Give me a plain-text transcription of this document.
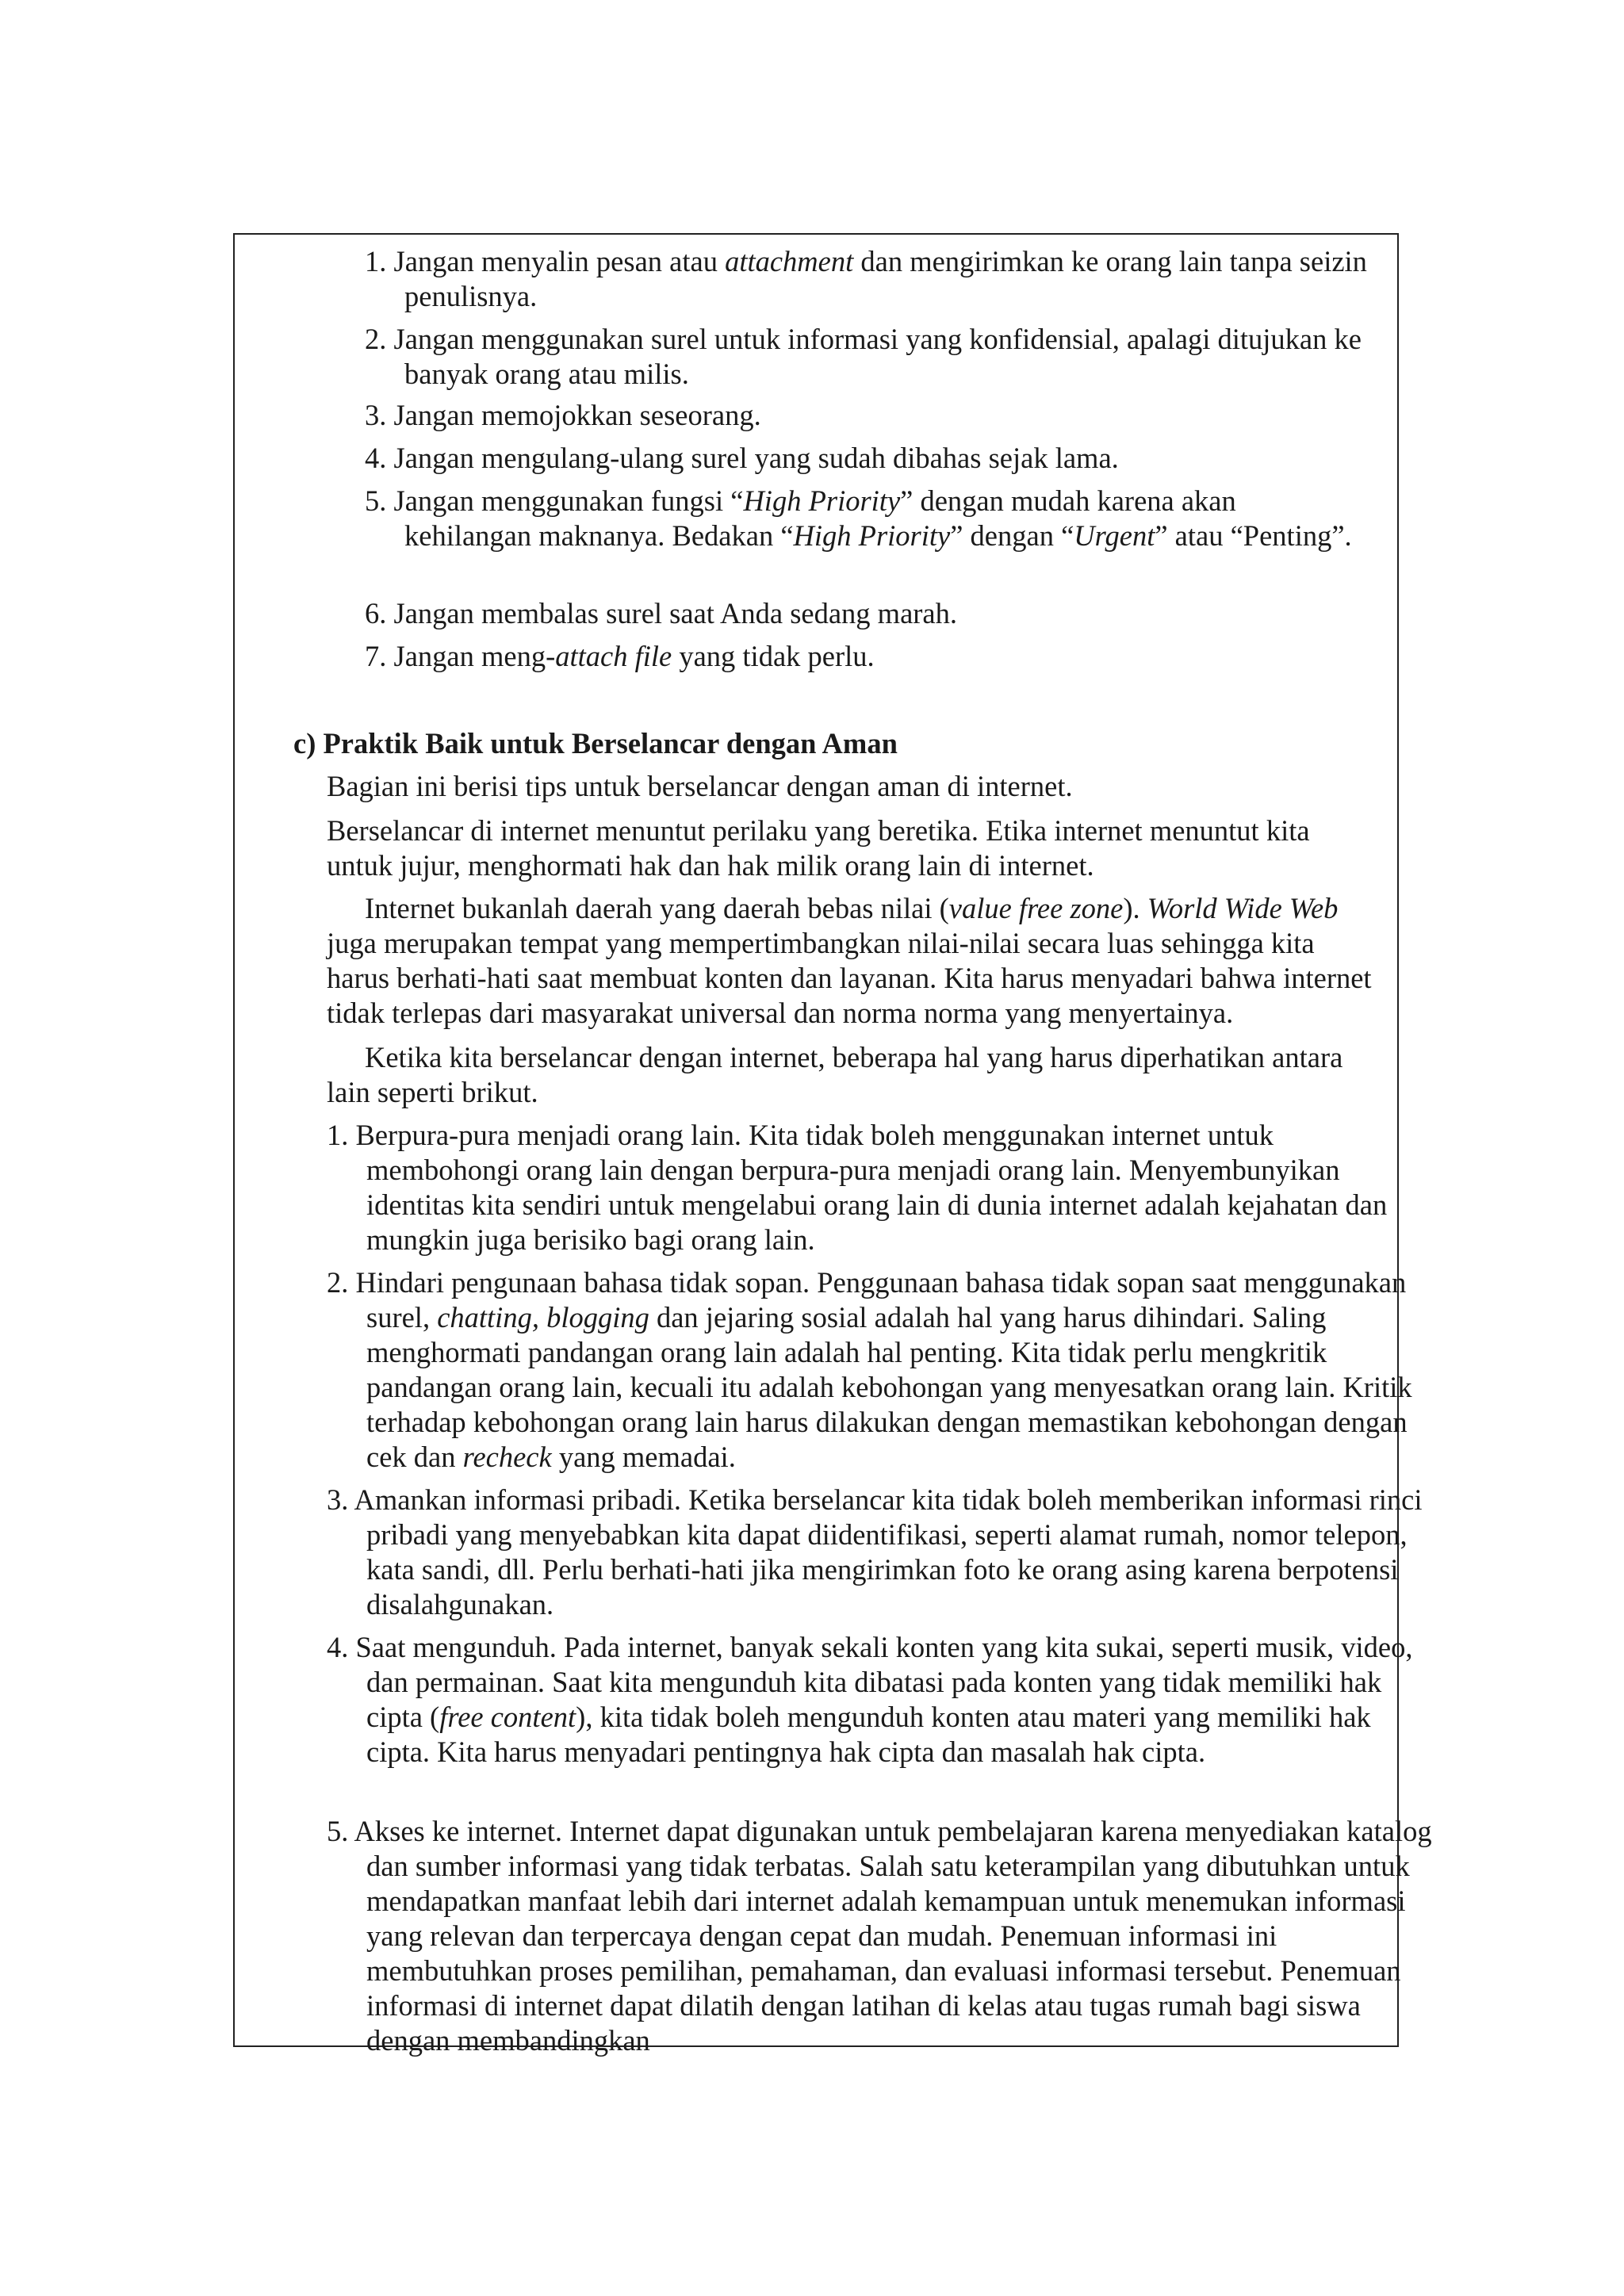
1. Jangan menyalin pesan atau attachment dan mengirimkan ke orang lain tanpa seizin penulisnya.

2. Jangan menggunakan surel untuk informasi yang konfidensial, apalagi ditujukan ke banyak orang atau milis.

3. Jangan memojokkan seseorang.

4. Jangan mengulang-ulang surel yang sudah dibahas sejak lama.

5. Jangan menggunakan fungsi “High Priority” dengan mudah karena akan kehilangan maknanya. Bedakan “High Priority” dengan “Urgent” atau “Penting”.

6. Jangan membalas surel saat Anda sedang marah.

7. Jangan meng-attach file yang tidak perlu.

c) Praktik Baik untuk Berselancar dengan Aman

Bagian ini berisi tips untuk berselancar dengan aman di internet.

Berselancar di internet menuntut perilaku yang beretika. Etika internet menuntut kita untuk jujur, menghormati hak dan hak milik orang lain di internet.

Internet bukanlah daerah yang daerah bebas nilai (value free zone). World Wide Web juga merupakan tempat yang mempertimbangkan nilai-nilai secara luas sehingga kita harus berhati-hati saat membuat konten dan layanan. Kita harus menyadari bahwa internet tidak terlepas dari masyarakat universal dan norma norma yang menyertainya.

Ketika kita berselancar dengan internet, beberapa hal yang harus diperhatikan antara lain seperti brikut.

1. Berpura-pura menjadi orang lain. Kita tidak boleh menggunakan internet untuk membohongi orang lain dengan berpura-pura menjadi orang lain. Menyembunyikan identitas kita sendiri untuk mengelabui orang lain di dunia internet adalah kejahatan dan mungkin juga berisiko bagi orang lain.

2. Hindari pengunaan bahasa tidak sopan. Penggunaan bahasa tidak sopan saat menggunakan surel, chatting, blogging dan jejaring sosial adalah hal yang harus dihindari. Saling menghormati pandangan orang lain adalah hal penting. Kita tidak perlu mengkritik pandangan orang lain, kecuali itu adalah kebohongan yang menyesatkan orang lain. Kritik terhadap kebohongan orang lain harus dilakukan dengan memastikan kebohongan dengan cek dan recheck yang memadai.

3. Amankan informasi pribadi. Ketika berselancar kita tidak boleh memberikan informasi rinci pribadi yang menyebabkan kita dapat diidentifikasi, seperti alamat rumah, nomor telepon, kata sandi, dll. Perlu berhati-hati jika mengirimkan foto ke orang asing karena berpotensi disalahgunakan.

4. Saat mengunduh. Pada internet, banyak sekali konten yang kita sukai, seperti musik, video, dan permainan. Saat kita mengunduh kita dibatasi pada konten yang tidak memiliki hak cipta (free content), kita tidak boleh mengunduh konten atau materi yang memiliki hak cipta. Kita harus menyadari pentingnya hak cipta dan masalah hak cipta.

5. Akses ke internet. Internet dapat digunakan untuk pembelajaran karena menyediakan katalog dan sumber informasi yang tidak terbatas. Salah satu keterampilan yang dibutuhkan untuk mendapatkan manfaat lebih dari internet adalah kemampuan untuk menemukan informasi yang relevan dan terpercaya dengan cepat dan mudah. Penemuan informasi ini membutuhkan proses pemilihan, pemahaman, dan evaluasi informasi tersebut. Penemuan informasi di internet dapat dilatih dengan latihan di kelas atau tugas rumah bagi siswa dengan membandingkan
